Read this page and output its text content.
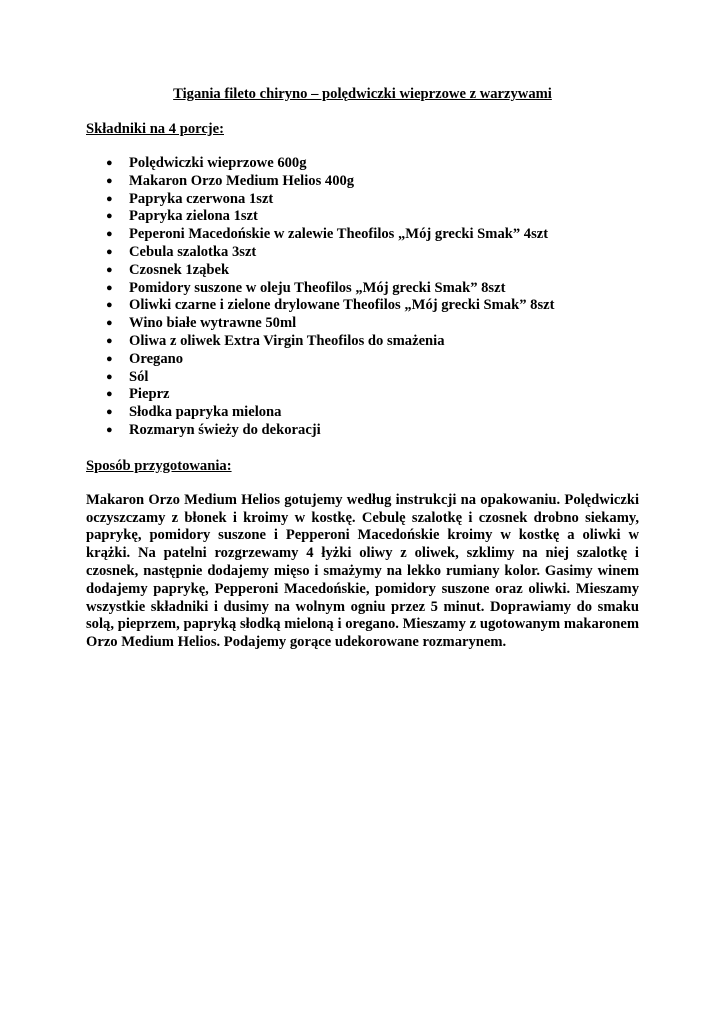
Tigania fileto chiryno – polędwiczki wieprzowe z warzywami

Składniki na 4 porcje:

● Polędwiczki wieprzowe 600g
● Makaron Orzo Medium Helios 400g
● Papryka czerwona 1szt
● Papryka zielona 1szt
● Peperoni Macedońskie w zalewie Theofilos „Mój grecki Smak” 4szt
● Cebula szalotka 3szt
● Czosnek 1ząbek
● Pomidory suszone w oleju Theofilos „Mój grecki Smak” 8szt
● Oliwki czarne i zielone drylowane Theofilos „Mój grecki Smak” 8szt
● Wino białe wytrawne 50ml
● Oliwa z oliwek Extra Virgin Theofilos do smażenia
● Oregano
● Sól
● Pieprz
● Słodka papryka mielona
● Rozmaryn świeży do dekoracji

Sposób przygotowania:

Makaron Orzo Medium Helios gotujemy według instrukcji na opakowaniu. Polędwiczki oczyszczamy z błonek i kroimy w kostkę. Cebulę szalotkę i czosnek drobno siekamy, paprykę, pomidory suszone i Pepperoni Macedońskie kroimy w kostkę a oliwki w krążki. Na patelni rozgrzewamy 4 łyżki oliwy z oliwek, szklimy na niej szalotkę i czosnek, następnie dodajemy mięso i smażymy na lekko rumiany kolor. Gasimy winem dodajemy paprykę, Pepperoni Macedońskie, pomidory suszone oraz oliwki. Mieszamy wszystkie składniki i dusimy na wolnym ogniu przez 5 minut. Doprawiamy do smaku solą, pieprzem, papryką słodką mieloną i oregano. Mieszamy z ugotowanym makaronem Orzo Medium Helios. Podajemy gorące udekorowane rozmarynem.
